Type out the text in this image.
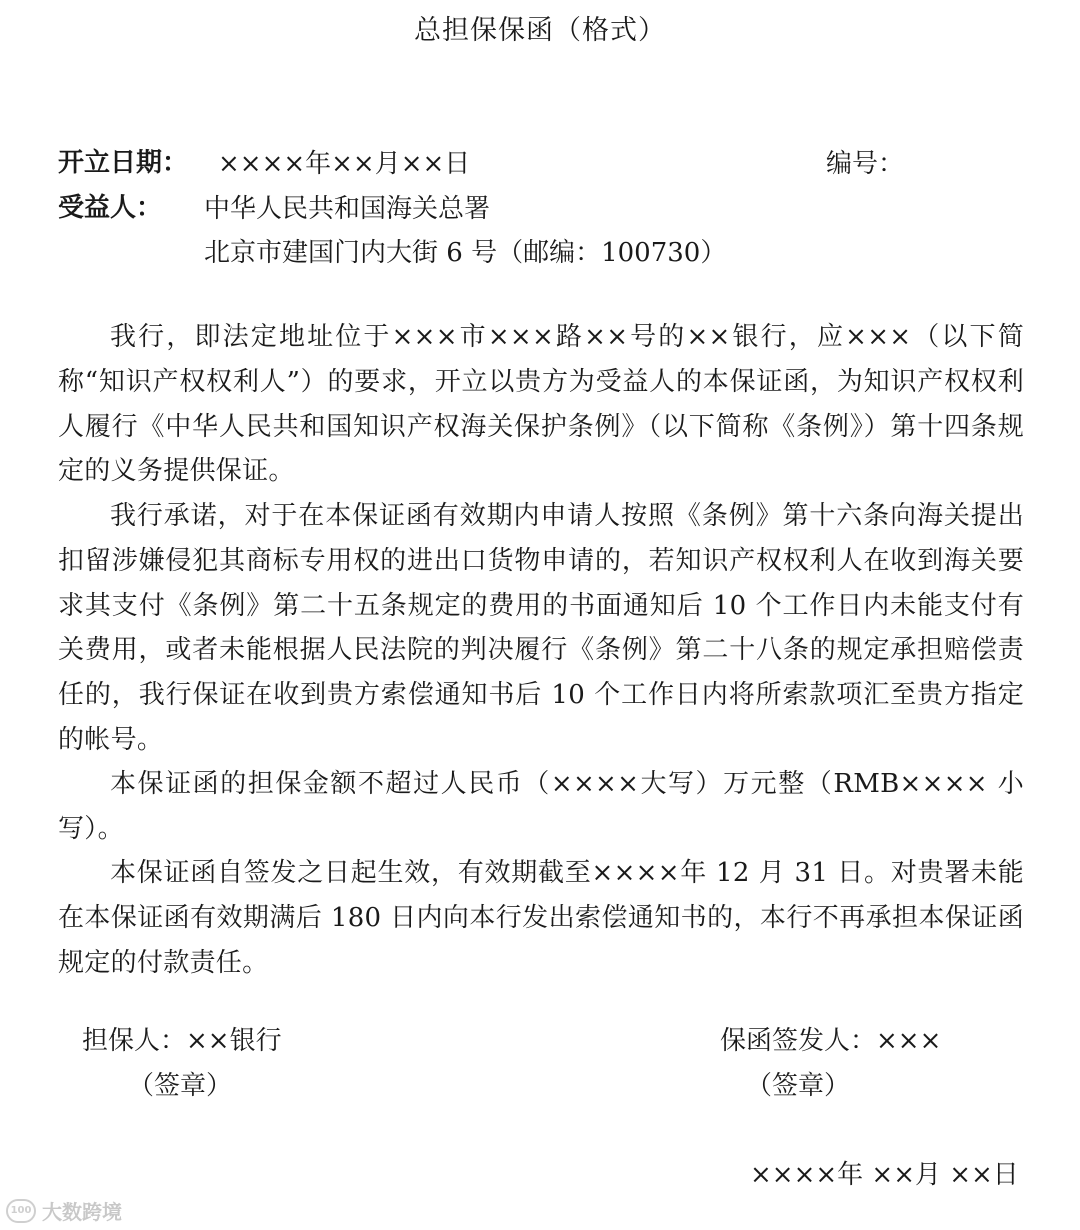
总担保保函（格式）
开立日期： ××××年××月××日	编号：
受益人： 中华人民共和国海关总署
北京市建国门内大街 6 号（邮编：100730）
我行，即法定地址位于×××市×××路××号的××银行，应×××（以下简称“知识产权权利人”）的要求，开立以贵方为受益人的本保证函，为知识产权权利人履行《中华人民共和国知识产权海关保护条例》（以下简称《条例》）第十四条规定的义务提供保证。
我行承诺，对于在本保证函有效期内申请人按照《条例》第十六条向海关提出扣留涉嫌侵犯其商标专用权的进出口货物申请的，若知识产权权利人在收到海关要求其支付《条例》第二十五条规定的费用的书面通知后 10 个工作日内未能支付有关费用，或者未能根据人民法院的判决履行《条例》第二十八条的规定承担赔偿责任的，我行保证在收到贵方索偿通知书后 10 个工作日内将所索款项汇至贵方指定的帐号。
本保证函的担保金额不超过人民币（××××大写）万元整（RMB×××× 小写）。
本保证函自签发之日起生效，有效期截至××××年 12 月 31 日。对贵署未能在本保证函有效期满后 180 日内向本行发出索偿通知书的，本行不再承担本保证函规定的付款责任。
担保人：××银行
（签章）
保函签发人：×××
（签章）
××××年 ××月 ××日
100 大数跨境
